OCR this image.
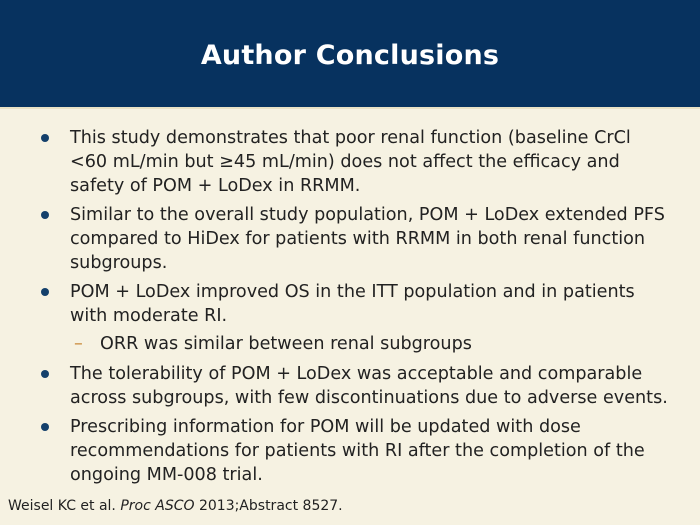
Author Conclusions
This study demonstrates that poor renal function (baseline CrCl <60 mL/min but ≥45 mL/min) does not affect the efficacy and safety of POM + LoDex in RRMM.
Similar to the overall study population, POM + LoDex extended PFS compared to HiDex for patients with RRMM in both renal function subgroups.
POM + LoDex improved OS in the ITT population and in patients with moderate RI.
– ORR was similar between renal subgroups
The tolerability of POM + LoDex was acceptable and comparable across subgroups, with few discontinuations due to adverse events.
Prescribing information for POM will be updated with dose recommendations for patients with RI after the completion of the ongoing MM-008 trial.
Weisel KC et al. Proc ASCO 2013;Abstract 8527.
